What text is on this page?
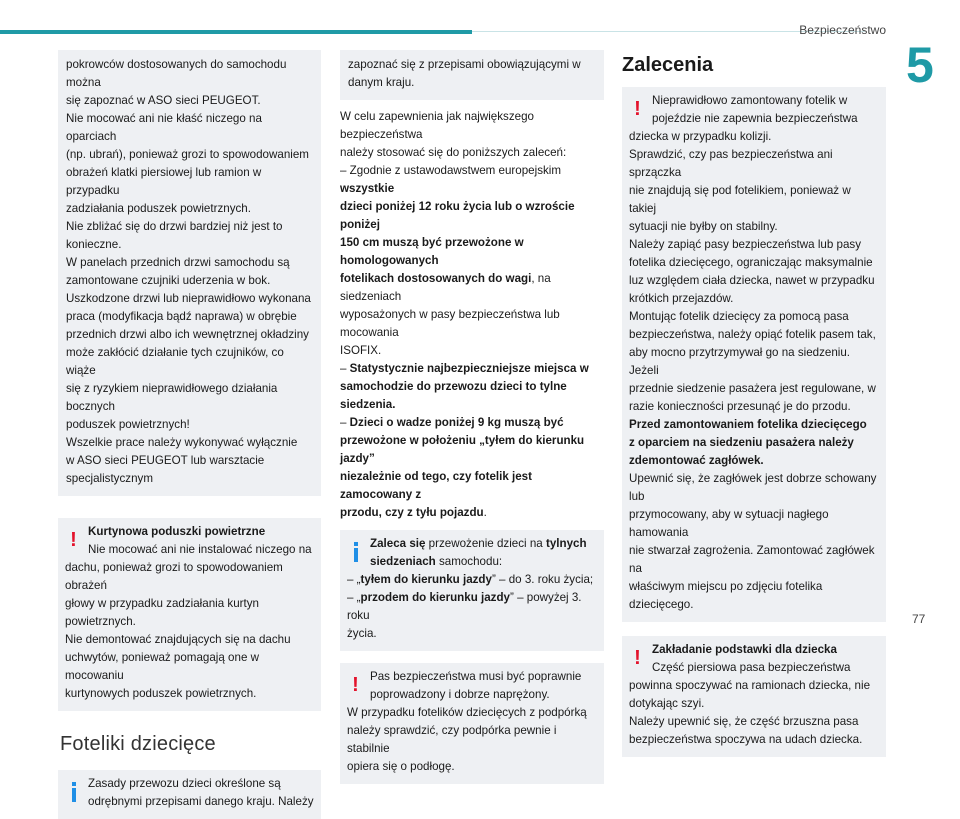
Bezpieczeństwo
5
77

pokrowców dostosowanych do samochodu można

się zapoznać w ASO sieci PEUGEOT.

Nie mocować ani nie kłaść niczego na oparciach

(np. ubrań), ponieważ grozi to spowodowaniem

obrażeń klatki piersiowej lub ramion w przypadku

zadziałania poduszek powietrznych.

Nie zbliżać się do drzwi bardziej niż jest to

konieczne.

W panelach przednich drzwi samochodu są

zamontowane czujniki uderzenia w bok.

Uszkodzone drzwi lub nieprawidłowo wykonana

praca (modyfikacja bądź naprawa) w obrębie

przednich drzwi albo ich wewnętrznej okładziny

może zakłócić działanie tych czujników, co wiąże

się z ryzykiem nieprawidłowego działania bocznych

poduszek powietrznych!

Wszelkie prace należy wykonywać wyłącznie

w ASO sieci PEUGEOT lub warsztacie

specjalistycznym

! Kurtynowa poduszki powietrzne

Nie mocować ani nie instalować niczego na

dachu, ponieważ grozi to spowodowaniem obrażeń

głowy w przypadku zadziałania kurtyn powietrznych.

Nie demontować znajdujących się na dachu

uchwytów, ponieważ pomagają one w mocowaniu

kurtynowych poduszek powietrznych.

Foteliki dziecięce

Zasady przewozu dzieci określone są

odrębnymi przepisami danego kraju. Należy

zapoznać się z przepisami obowiązującymi w

danym kraju.

W celu zapewnienia jak największego bezpieczeństwa

należy stosować się do poniższych zaleceń:

– Zgodnie z ustawodawstwem europejskim wszystkie

dzieci poniżej 12 roku życia lub o wzroście poniżej

150 cm muszą być przewożone w homologowanych

fotelikach dostosowanych do wagi, na siedzeniach

wyposażonych w pasy bezpieczeństwa lub mocowania

ISOFIX.

– Statystycznie najbezpieczniejsze miejsca w

samochodzie do przewozu dzieci to tylne siedzenia.

– Dzieci o wadze poniżej 9 kg muszą być

przewożone w położeniu „tyłem do kierunku jazdy”

niezależnie od tego, czy fotelik jest zamocowany z

przodu, czy z tyłu pojazdu.

Zaleca się przewożenie dzieci na tylnych

siedzeniach samochodu:

– „tyłem do kierunku jazdy” – do 3. roku życia;

– „przodem do kierunku jazdy” – powyżej 3. roku

życia.

! Pas bezpieczeństwa musi być poprawnie

poprowadzony i dobrze naprężony.

W przypadku fotelików dziecięcych z podpórką

należy sprawdzić, czy podpórka pewnie i stabilnie

opiera się o podłogę.

Zalecenia
! Nieprawidłowo zamontowany fotelik w

pojeździe nie zapewnia bezpieczeństwa

dziecka w przypadku kolizji.

Sprawdzić, czy pas bezpieczeństwa ani sprzączka

nie znajdują się pod fotelikiem, ponieważ w takiej

sytuacji nie byłby on stabilny.

Należy zapiąć pasy bezpieczeństwa lub pasy

fotelika dziecięcego, ograniczając maksymalnie

luz względem ciała dziecka, nawet w przypadku

krótkich przejazdów.

Montując fotelik dziecięcy za pomocą pasa

bezpieczeństwa, należy opiąć fotelik pasem tak,

aby mocno przytrzymywał go na siedzeniu. Jeżeli

przednie siedzenie pasażera jest regulowane, w

razie konieczności przesunąć je do przodu.

Przed zamontowaniem fotelika dziecięcego

z oparciem na siedzeniu pasażera należy

zdemontować zagłówek.

Upewnić się, że zagłówek jest dobrze schowany lub

przymocowany, aby w sytuacji nagłego hamowania

nie stwarzał zagrożenia. Zamontować zagłówek na

właściwym miejscu po zdjęciu fotelika dziecięcego.

! Zakładanie podstawki dla dziecka

Część piersiowa pasa bezpieczeństwa

powinna spoczywać na ramionach dziecka, nie

dotykając szyi.

Należy upewnić się, że część brzuszna pasa

bezpieczeństwa spoczywa na udach dziecka.
